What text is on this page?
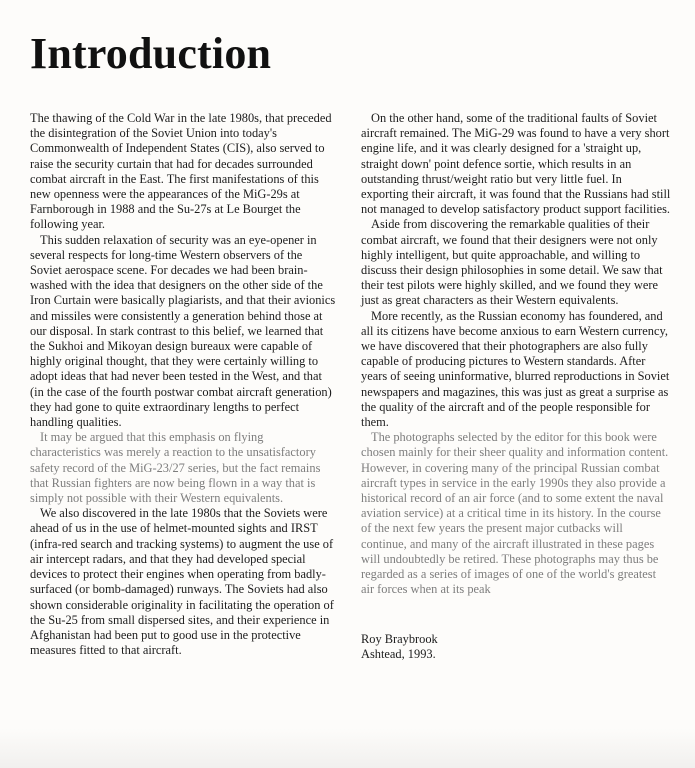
Introduction

The thawing of the Cold War in the late 1980s, that preceded the disintegration of the Soviet Union into today's Commonwealth of Independent States (CIS), also served to raise the security curtain that had for decades surrounded combat aircraft in the East. The first manifestations of this new openness were the appearances of the MiG-29s at Farnborough in 1988 and the Su-27s at Le Bourget the following year.

This sudden relaxation of security was an eye-opener in several respects for long-time Western observers of the Soviet aerospace scene. For decades we had been brain-washed with the idea that designers on the other side of the Iron Curtain were basically plagiarists, and that their avionics and missiles were consistently a generation behind those at our disposal. In stark contrast to this belief, we learned that the Sukhoi and Mikoyan design bureaux were capable of highly original thought, that they were certainly willing to adopt ideas that had never been tested in the West, and that (in the case of the fourth postwar combat aircraft generation) they had gone to quite extraordinary lengths to perfect handling qualities.

It may be argued that this emphasis on flying characteristics was merely a reaction to the unsatisfactory safety record of the MiG-23/27 series, but the fact remains that Russian fighters are now being flown in a way that is simply not possible with their Western equivalents.

We also discovered in the late 1980s that the Soviets were ahead of us in the use of helmet-mounted sights and IRST (infra-red search and tracking systems) to augment the use of air intercept radars, and that they had developed special devices to protect their engines when operating from badly-surfaced (or bomb-damaged) runways. The Soviets had also shown considerable originality in facilitating the operation of the Su-25 from small dispersed sites, and their experience in Afghanistan had been put to good use in the protective measures fitted to that aircraft.

On the other hand, some of the traditional faults of Soviet aircraft remained. The MiG-29 was found to have a very short engine life, and it was clearly designed for a 'straight up, straight down' point defence sortie, which results in an outstanding thrust/weight ratio but very little fuel. In exporting their aircraft, it was found that the Russians had still not managed to develop satisfactory product support facilities.

Aside from discovering the remarkable qualities of their combat aircraft, we found that their designers were not only highly intelligent, but quite approachable, and willing to discuss their design philosophies in some detail. We saw that their test pilots were highly skilled, and we found they were just as great characters as their Western equivalents.

More recently, as the Russian economy has foundered, and all its citizens have become anxious to earn Western currency, we have discovered that their photographers are also fully capable of producing pictures to Western standards. After years of seeing uninformative, blurred reproductions in Soviet newspapers and magazines, this was just as great a surprise as the quality of the aircraft and of the people responsible for them.

The photographs selected by the editor for this book were chosen mainly for their sheer quality and information content. However, in covering many of the principal Russian combat aircraft types in service in the early 1990s they also provide a historical record of an air force (and to some extent the naval aviation service) at a critical time in its history. In the course of the next few years the present major cutbacks will continue, and many of the aircraft illustrated in these pages will undoubtedly be retired. These photographs may thus be regarded as a series of images of one of the world's greatest air forces when at its peak

Roy Braybrook
Ashtead, 1993.
